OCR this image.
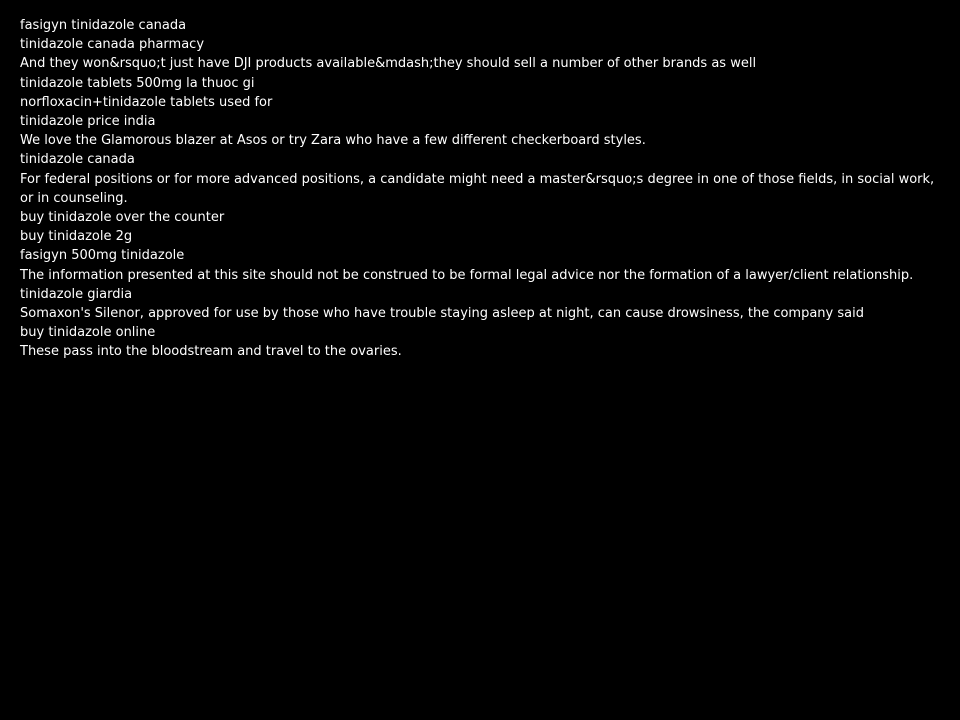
fasigyn tinidazole canada
tinidazole canada pharmacy
And they won&rsquo;t just have DJI products available&mdash;they should sell a number of other brands as well
tinidazole tablets 500mg la thuoc gi
norfloxacin+tinidazole tablets used for
tinidazole price india
We love the Glamorous blazer at Asos or try Zara who have a few different checkerboard styles.
tinidazole canada
For federal positions or for more advanced positions, a candidate might need a master&rsquo;s degree in one of those fields, in social work, or in counseling.
buy tinidazole over the counter
buy tinidazole 2g
fasigyn 500mg tinidazole
The information presented at this site should not be construed to be formal legal advice nor the formation of a lawyer/client relationship.
tinidazole giardia
Somaxon's Silenor, approved for use by those who have trouble staying asleep at night, can cause drowsiness, the company said
buy tinidazole online
These pass into the bloodstream and travel to the ovaries.
